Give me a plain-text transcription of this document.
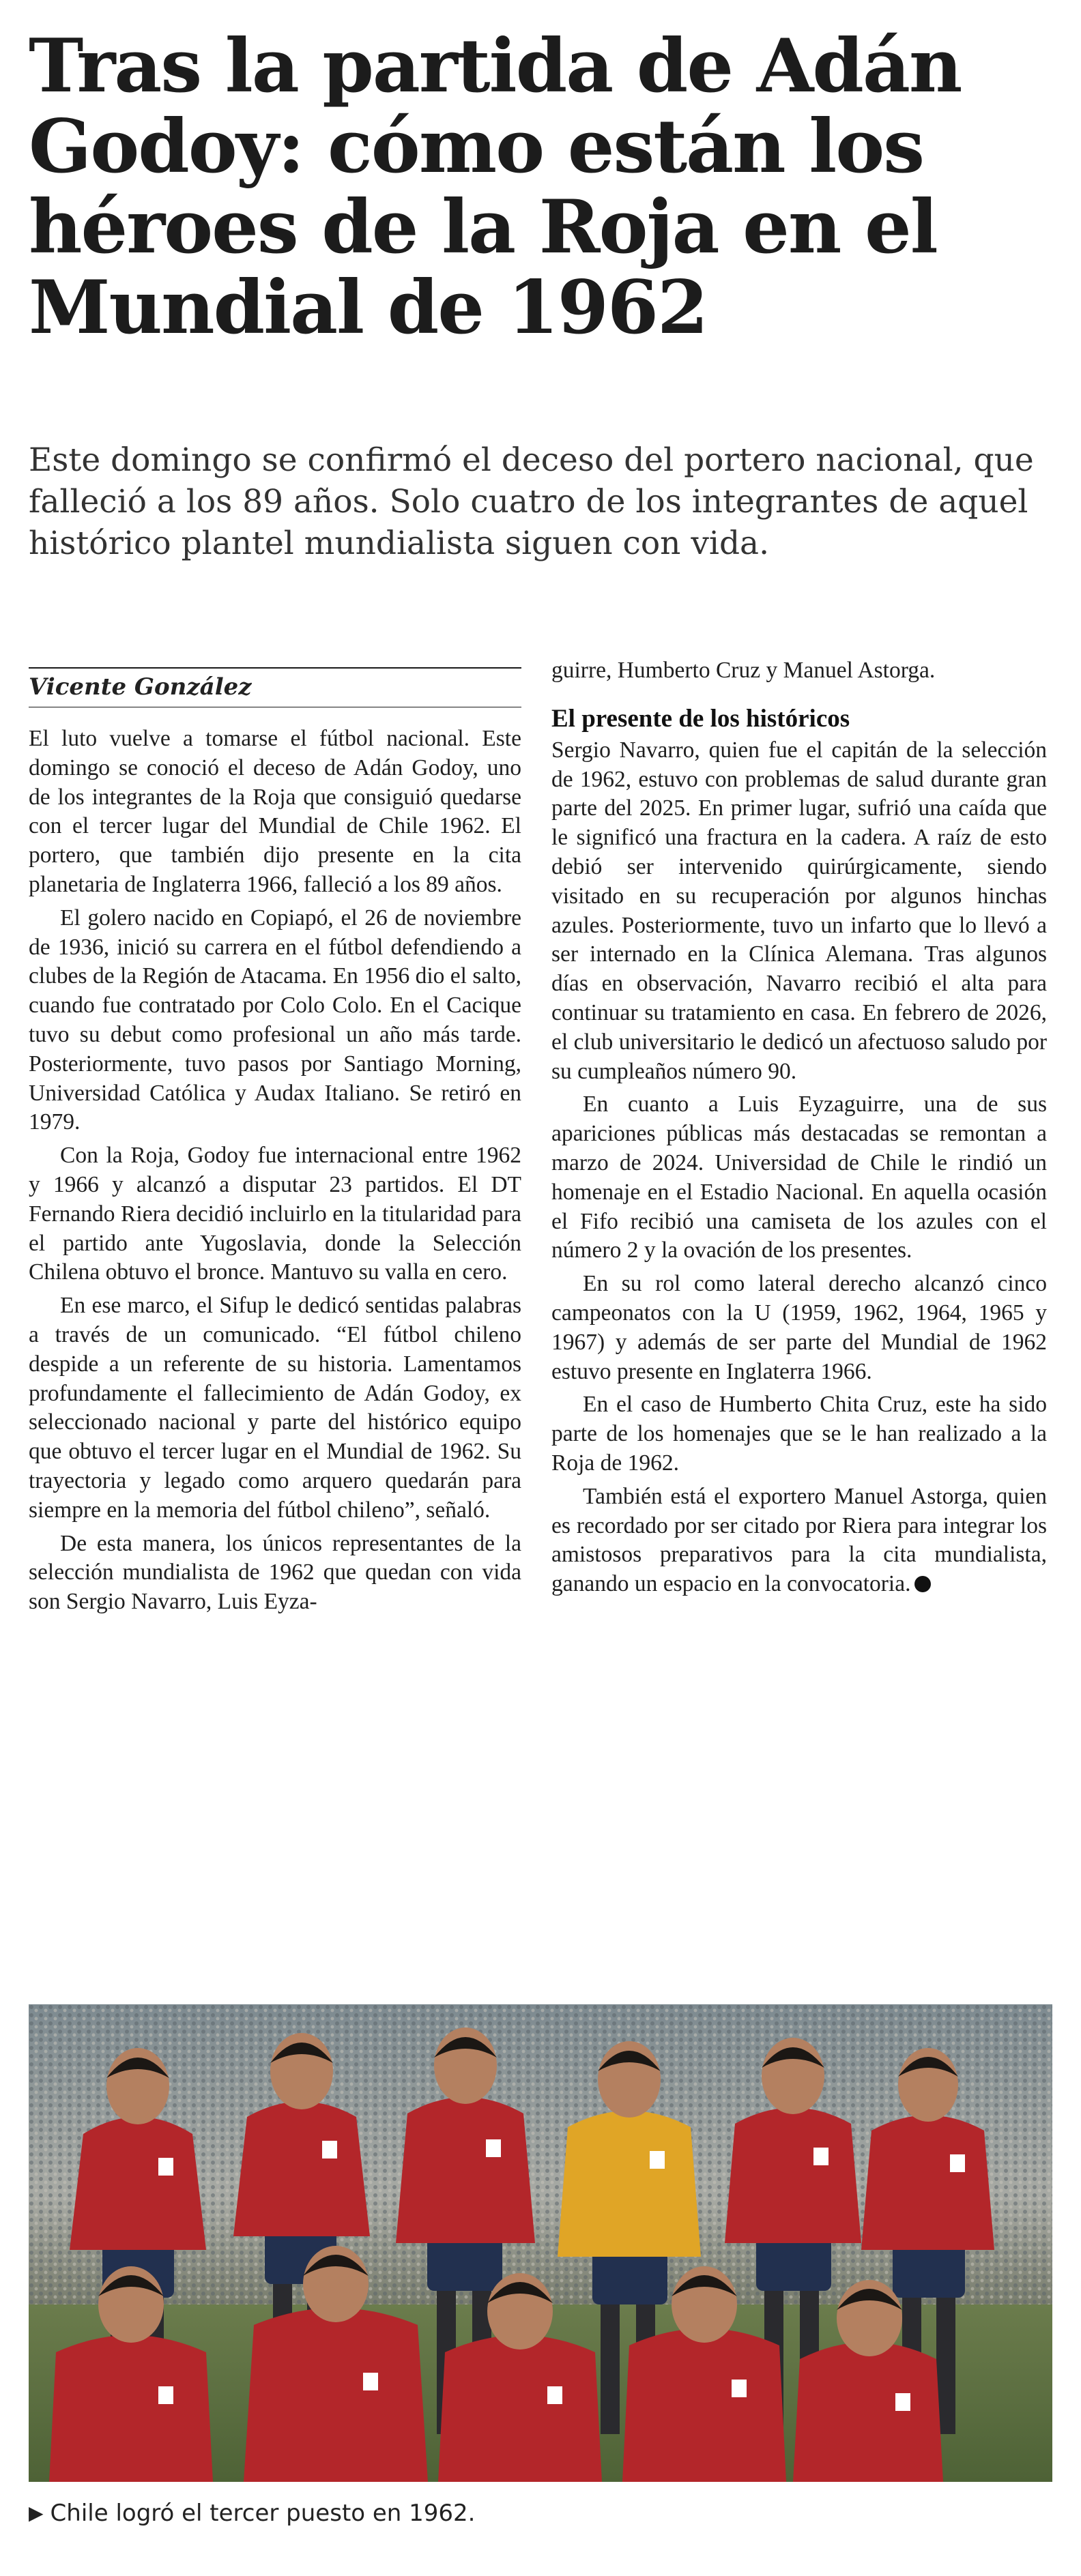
Tras la partida de Adán Godoy: cómo están los héroes de la Roja en el Mundial de 1962

Este domingo se confirmó el deceso del portero nacional, que falleció a los 89 años. Solo cuatro de los integrantes de aquel histórico plantel mundialista siguen con vida.

Vicente González

El luto vuelve a tomarse el fútbol nacional. Este domingo se conoció el deceso de Adán Godoy, uno de los integrantes de la Roja que consiguió quedarse con el tercer lugar del Mundial de Chile 1962. El portero, que también dijo presente en la cita planetaria de Inglaterra 1966, falleció a los 89 años.

El golero nacido en Copiapó, el 26 de noviembre de 1936, inició su carrera en el fútbol defendiendo a clubes de la Región de Atacama. En 1956 dio el salto, cuando fue contratado por Colo Colo. En el Cacique tuvo su debut como profesional un año más tarde. Posteriormente, tuvo pasos por Santiago Morning, Universidad Católica y Audax Italiano. Se retiró en 1979.

Con la Roja, Godoy fue internacional entre 1962 y 1966 y alcanzó a disputar 23 partidos. El DT Fernando Riera decidió incluirlo en la titularidad para el partido ante Yugoslavia, donde la Selección Chilena obtuvo el bronce. Mantuvo su valla en cero.

En ese marco, el Sifup le dedicó sentidas palabras a través de un comunicado. “El fútbol chileno despide a un referente de su historia. Lamentamos profundamente el fallecimiento de Adán Godoy, ex seleccionado nacional y parte del histórico equipo que obtuvo el tercer lugar en el Mundial de 1962. Su trayectoria y legado como arquero quedarán para siempre en la memoria del fútbol chileno”, señaló.

De esta manera, los únicos representantes de la selección mundialista de 1962 que quedan con vida son Sergio Navarro, Luis Eyza-

guirre, Humberto Cruz y Manuel Astorga.

El presente de los históricos

Sergio Navarro, quien fue el capitán de la selección de 1962, estuvo con problemas de salud durante gran parte del 2025. En primer lugar, sufrió una caída que le significó una fractura en la cadera. A raíz de esto debió ser intervenido quirúrgicamente, siendo visitado en su recuperación por algunos hinchas azules. Posteriormente, tuvo un infarto que lo llevó a ser internado en la Clínica Alemana. Tras algunos días en observación, Navarro recibió el alta para continuar su tratamiento en casa. En febrero de 2026, el club universitario le dedicó un afectuoso saludo por su cumpleaños número 90.

En cuanto a Luis Eyzaguirre, una de sus apariciones públicas más destacadas se remontan a marzo de 2024. Universidad de Chile le rindió un homenaje en el Estadio Nacional. En aquella ocasión el Fifo recibió una camiseta de los azules con el número 2 y la ovación de los presentes.

En su rol como lateral derecho alcanzó cinco campeonatos con la U (1959, 1962, 1964, 1965 y 1967) y además de ser parte del Mundial de 1962 estuvo presente en Inglaterra 1966.

En el caso de Humberto Chita Cruz, este ha sido parte de los homenajes que se le han realizado a la Roja de 1962.

También está el exportero Manuel Astorga, quien es recordado por ser citado por Riera para integrar los amistosos preparativos para la cita mundialista, ganando un espacio en la convocatoria.

▶ Chile logró el tercer puesto en 1962.
